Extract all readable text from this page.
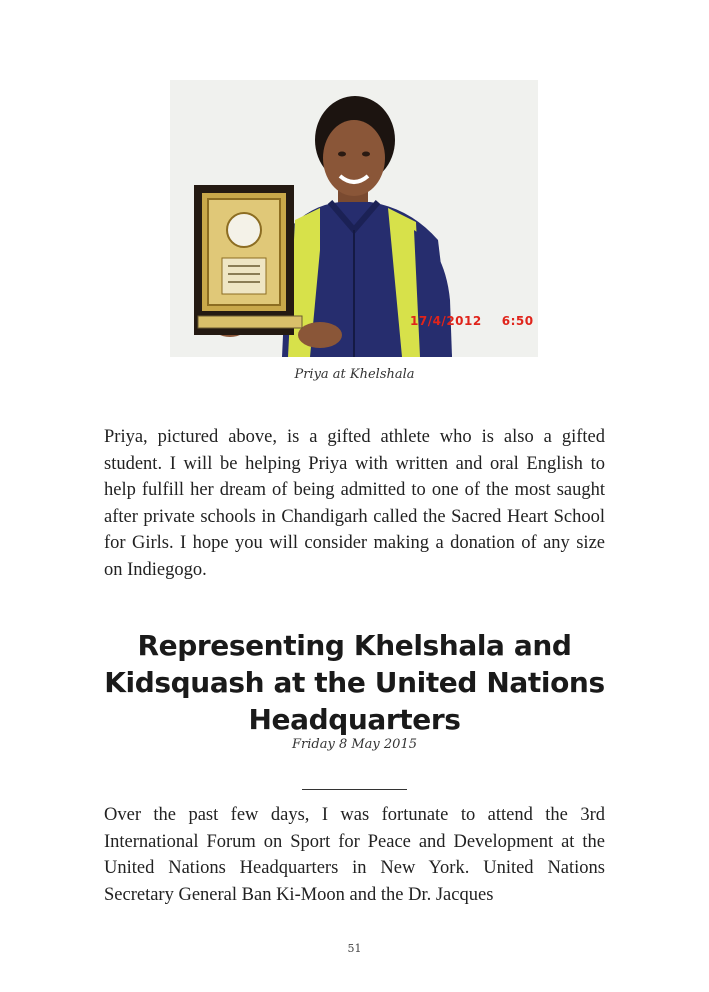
17/4/2012 6:50
Priya at Khelshala

Priya, pictured above, is a gifted athlete who is also a gifted student. I will be helping Priya with written and oral English to help fulfill her dream of being admitted to one of the most saught after private schools in Chandigarh called the Sacred Heart School for Girls. I hope you will consider making a donation of any size on Indiegogo.

Representing Khelshala and Kidsquash at the United Nations Headquarters
Friday 8 May 2015

Over the past few days, I was fortunate to attend the 3rd International Forum on Sport for Peace and Development at the United Nations Headquarters in New York. United Nations Secretary General Ban Ki-Moon and the Dr. Jacques

51
